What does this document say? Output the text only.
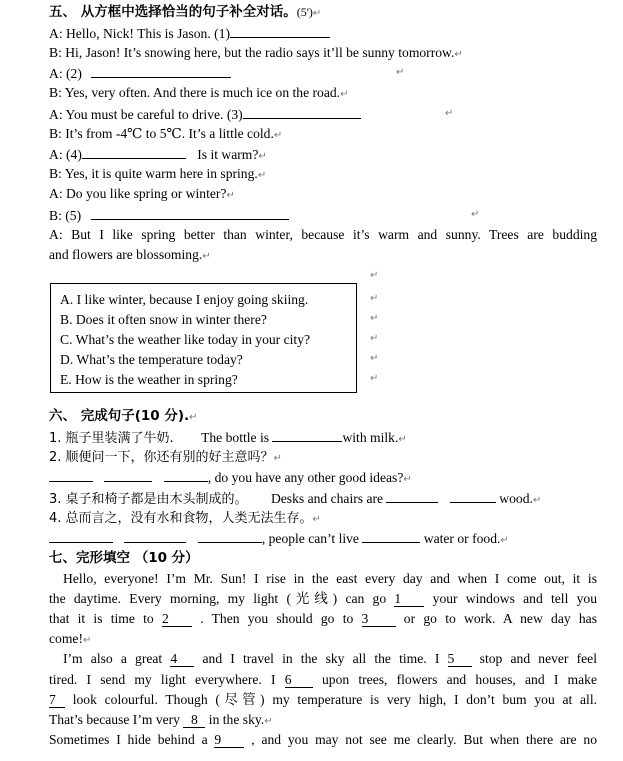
五、 从方框中选择恰当的句子补全对话。(5')↵
A: Hello, Nick! This is Jason. (1)
B: Hi, Jason! It’s snowing here, but the radio says it’ll be sunny tomorrow.↵
A: (2)	↵
B: Yes, very often. And there is much ice on the road.↵
A: You must be careful to drive. (3)	↵
B: It’s from -4℃ to 5℃. It’s a little cold.↵
A: (4)	Is it warm?↵
B: Yes, it is quite warm here in spring.↵
A: Do you like spring or winter?↵
B: (5)	↵
A: But I like spring better than winter, because it’s warm and sunny. Trees are budding
and flowers are blossoming.↵
↵
A. I like winter, because I enjoy going skiing.
B. Does it often snow in winter there?
C. What’s the weather like today in your city?
D. What’s the temperature today?
E. How is the weather in spring?
↵
↵
↵
↵
↵
六、 完成句子(10 分).↵
1. 瓶子里装满了牛奶. The bottle is	with milk.↵
2. 顺便问一下，你还有别的好主意吗？↵
, do you have any other good ideas?↵
3. 桌子和椅子都是由木头制成的。 Desks and chairs are	wood.↵
4. 总而言之，没有水和食物，人类无法生存。↵
, people can’t live	water or food.↵
七、完形填空 （10 分）
Hello, everyone! I’m Mr. Sun! I rise in the east every day and when I come out, it is
the daytime. Every morning, my light (光线) can go 1 your windows and tell you
that it is time to 2 . Then you should go to 3	or go to work. A new day has
come!↵
I’m also a great 4 and I travel in the sky all the time. I 5 stop and never feel
tired. I send my light everywhere. I 6 upon trees, flowers and houses, and I make
7 look colourful. Though (尽管) my temperature is very high, I don’t bum you at all.
That’s because I’m very 8 in the sky.↵
Sometimes I hide behind a 9 , and you may not see me clearly. But when there are no
